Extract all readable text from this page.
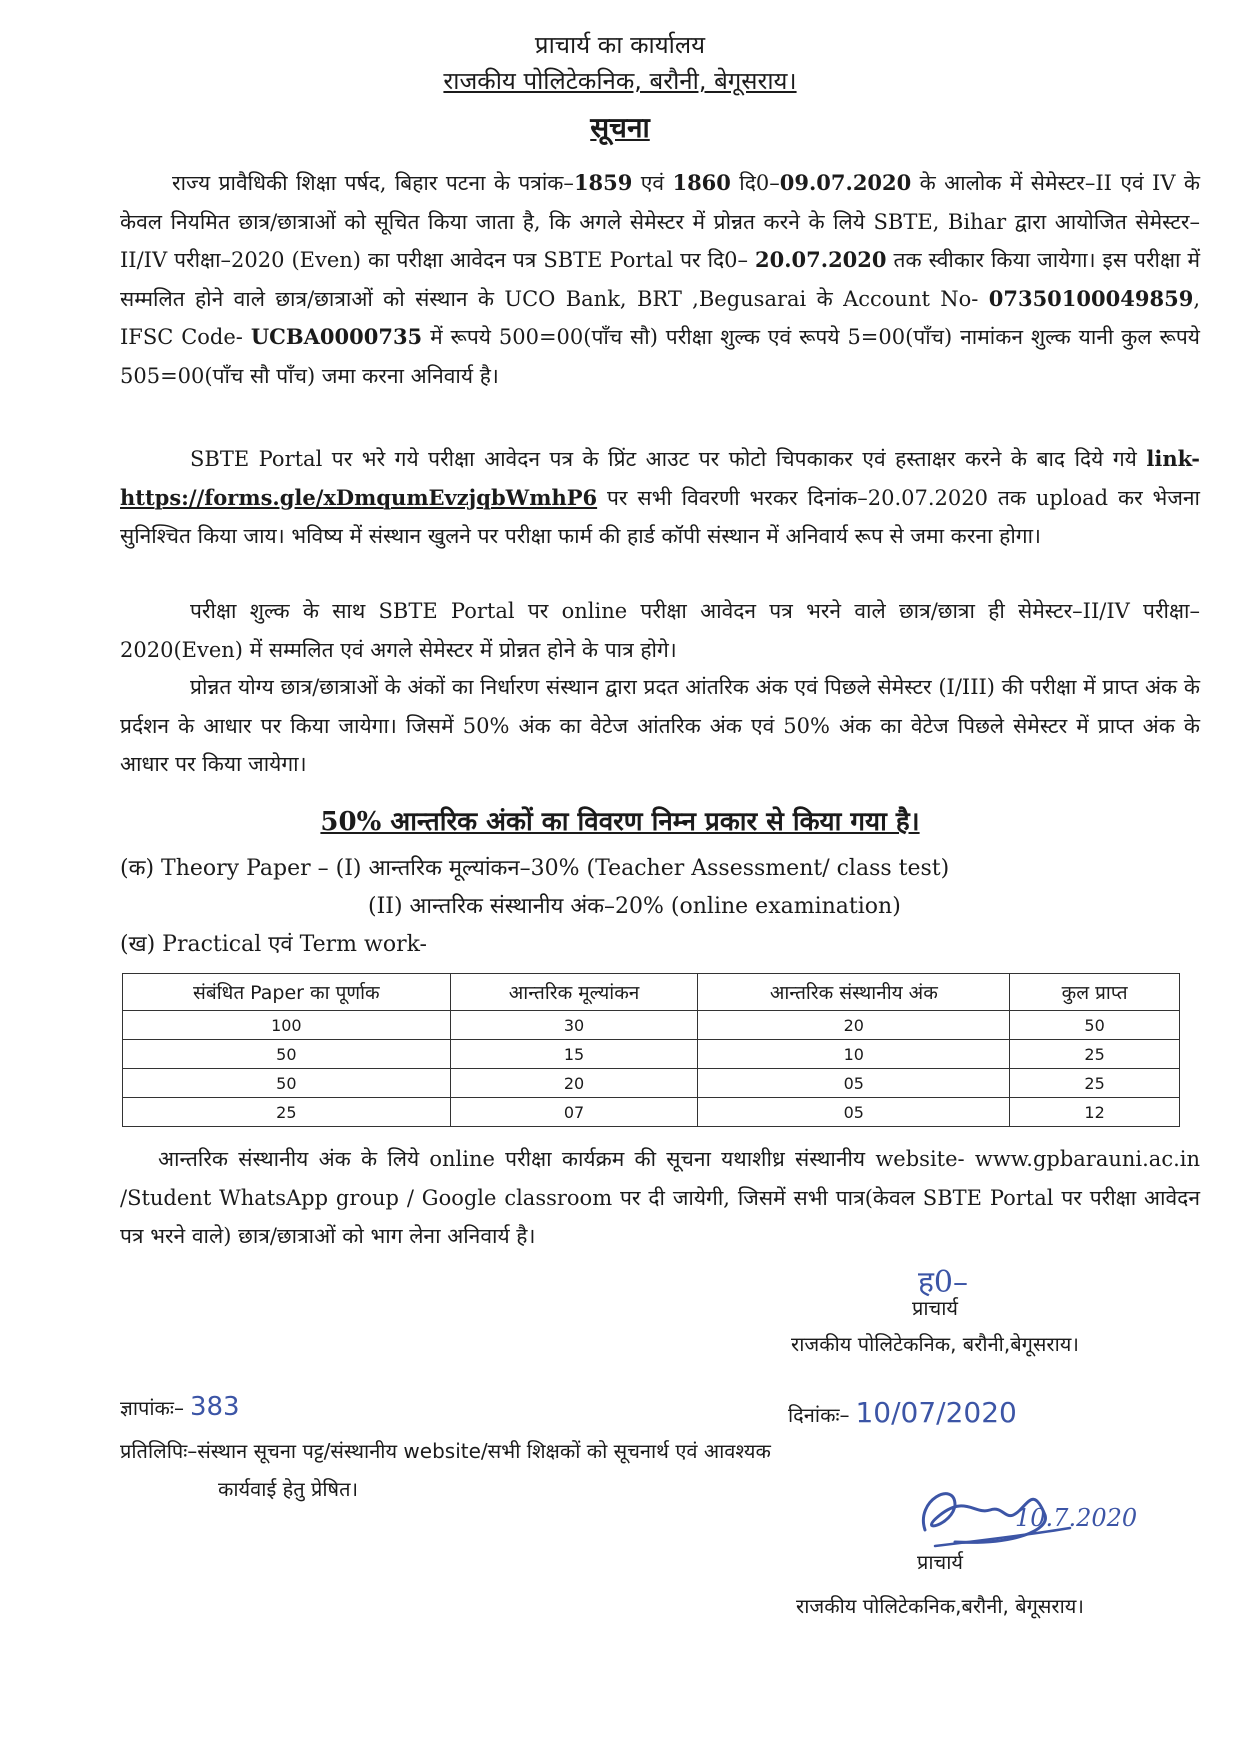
प्राचार्य का कार्यालय
राजकीय पोलिटेकनिक, बरौनी, बेगूसराय।
सूचना
राज्य प्रावैधिकी शिक्षा पर्षद, बिहार पटना के पत्रांक–1859 एवं 1860 दि0–09.07.2020 के आलोक में सेमेस्टर–II एवं IV के केवल नियमित छात्र/छात्राओं को सूचित किया जाता है, कि अगले सेमेस्टर में प्रोन्नत करने के लिये SBTE, Bihar द्वारा आयोजित सेमेस्टर–II/IV परीक्षा–2020 (Even) का परीक्षा आवेदन पत्र SBTE Portal पर दि0– 20.07.2020 तक स्वीकार किया जायेगा। इस परीक्षा में सम्मलित होने वाले छात्र/छात्राओं को संस्थान के UCO Bank, BRT ,Begusarai के Account No- 07350100049859, IFSC Code- UCBA0000735 में रूपये 500=00(पाँच सौ) परीक्षा शुल्क एवं रूपये 5=00(पाँच) नामांकन शुल्क यानी कुल रूपये 505=00(पाँच सौ पाँच) जमा करना अनिवार्य है।
SBTE Portal पर भरे गये परीक्षा आवेदन पत्र के प्रिंट आउट पर फोटो चिपकाकर एवं हस्ताक्षर करने के बाद दिये गये link- https://forms.gle/xDmqumEvzjqbWmhP6 पर सभी विवरणी भरकर दिनांक–20.07.2020 तक upload कर भेजना सुनिश्चित किया जाय। भविष्य में संस्थान खुलने पर परीक्षा फार्म की हार्ड कॉपी संस्थान में अनिवार्य रूप से जमा करना होगा।
परीक्षा शुल्क के साथ SBTE Portal पर online परीक्षा आवेदन पत्र भरने वाले छात्र/छात्रा ही सेमेस्टर–II/IV परीक्षा–2020(Even) में सम्मलित एवं अगले सेमेस्टर में प्रोन्नत होने के पात्र होगे।
प्रोन्नत योग्य छात्र/छात्राओं के अंकों का निर्धारण संस्थान द्वारा प्रदत आंतरिक अंक एवं पिछले सेमेस्टर (I/III) की परीक्षा में प्राप्त अंक के प्रर्दशन के आधार पर किया जायेगा। जिसमें 50% अंक का वेटेज आंतरिक अंक एवं 50% अंक का वेटेज पिछले सेमेस्टर में प्राप्त अंक के आधार पर किया जायेगा।
50% आन्तरिक अंकों का विवरण निम्न प्रकार से किया गया है।
(क) Theory Paper – (I) आन्तरिक मूल्यांकन–30% (Teacher Assessment/ class test)
(II) आन्तरिक संस्थानीय अंक–20% (online examination)
(ख) Practical एवं Term work-
संबंधित Paper का पूर्णाक	आन्तरिक मूल्यांकन	आन्तरिक संस्थानीय अंक	कुल प्राप्त
100	30	20	50
50	15	10	25
50	20	05	25
25	07	05	12
आन्तरिक संस्थानीय अंक के लिये online परीक्षा कार्यक्रम की सूचना यथाशीध्र संस्थानीय website- www.gpbarauni.ac.in /Student WhatsApp group / Google classroom पर दी जायेगी, जिसमें सभी पात्र(केवल SBTE Portal पर परीक्षा आवेदन पत्र भरने वाले) छात्र/छात्राओं को भाग लेना अनिवार्य है।
ह0–
प्राचार्य
राजकीय पोलिटेकनिक, बरौनी,बेगूसराय।
ज्ञापांकः– 383	दिनांकः– 10/07/2020
प्रतिलिपिः–संस्थान सूचना पट्ट/संस्थानीय website/सभी शिक्षकों को सूचनार्थ एवं आवश्यक
कार्यवाई हेतु प्रेषित।
10.7.2020
प्राचार्य
राजकीय पोलिटेकनिक,बरौनी, बेगूसराय।
